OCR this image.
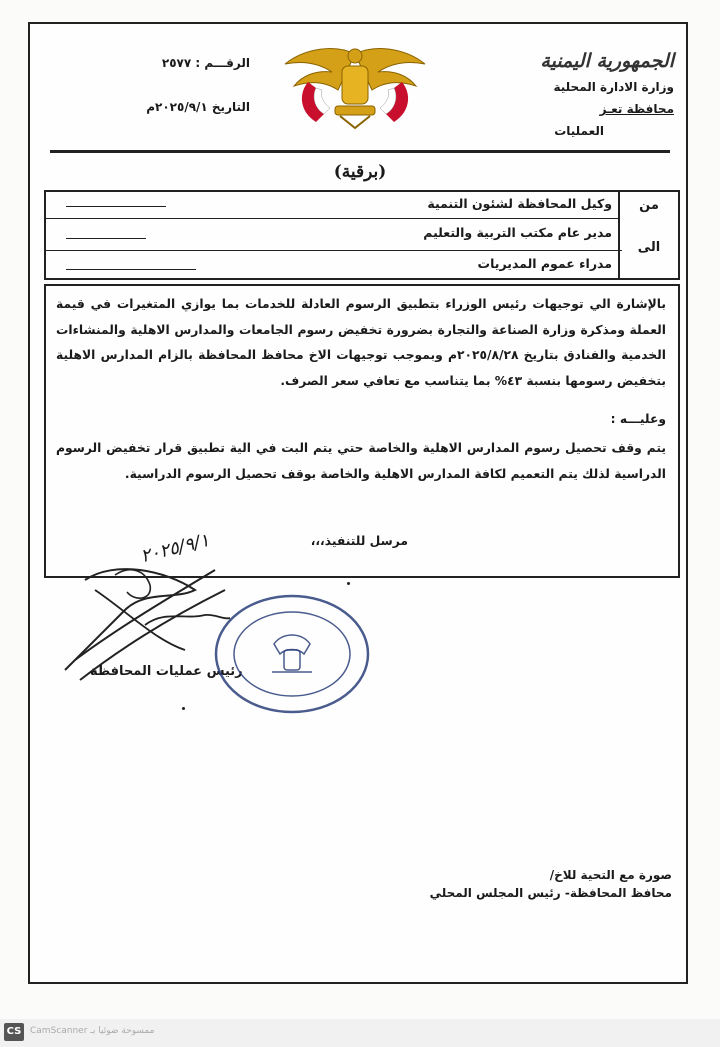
الجمهورية اليمنية
وزارة الادارة المحلية
محافظة تعـز
العمليات
الرقـــم : ٢٥٧٧
التاريخ ٢٠٢٥/٩/١م
(برقية)
من
الى
وكيل المحافظة لشئون التنمية
مدير عام مكتب التربية والتعليم
مدراء عموم المديريات
بالإشارة الي توجيهات رئيس الوزراء بتطبيق الرسوم العادلة للخدمات بما يوازي المتغيرات في قيمة العملة ومذكرة وزارة الصناعة والتجارة بضرورة تخفيض رسوم الجامعات والمدارس الاهلية والمنشاءات الخدمية والفنادق بتاريخ ٢٠٢٥/٨/٢٨م وبموجب توجيهات الاخ محافظ المحافظة بالزام المدارس الاهلية بتخفيض رسومها بنسبة ٤٣% بما يتناسب مع تعافي سعر الصرف.
وعليـــه :
يتم وقف تحصيل رسوم المدارس الاهلية والخاصة حتي يتم البت في الية تطبيق قرار تخفيض الرسوم الدراسية لذلك يتم التعميم لكافة المدارس الاهلية والخاصة بوقف تحصيل الرسوم الدراسية.
مرسل للتنفيذ،،،
٢٠٢٥/٩/١
رئيس عمليات المحافظة
صورة مع التحية للاخ/
محافظ المحافظة- رئيس المجلس المحلي
CS CamScanner ممسوحة ضوئيا بـ
